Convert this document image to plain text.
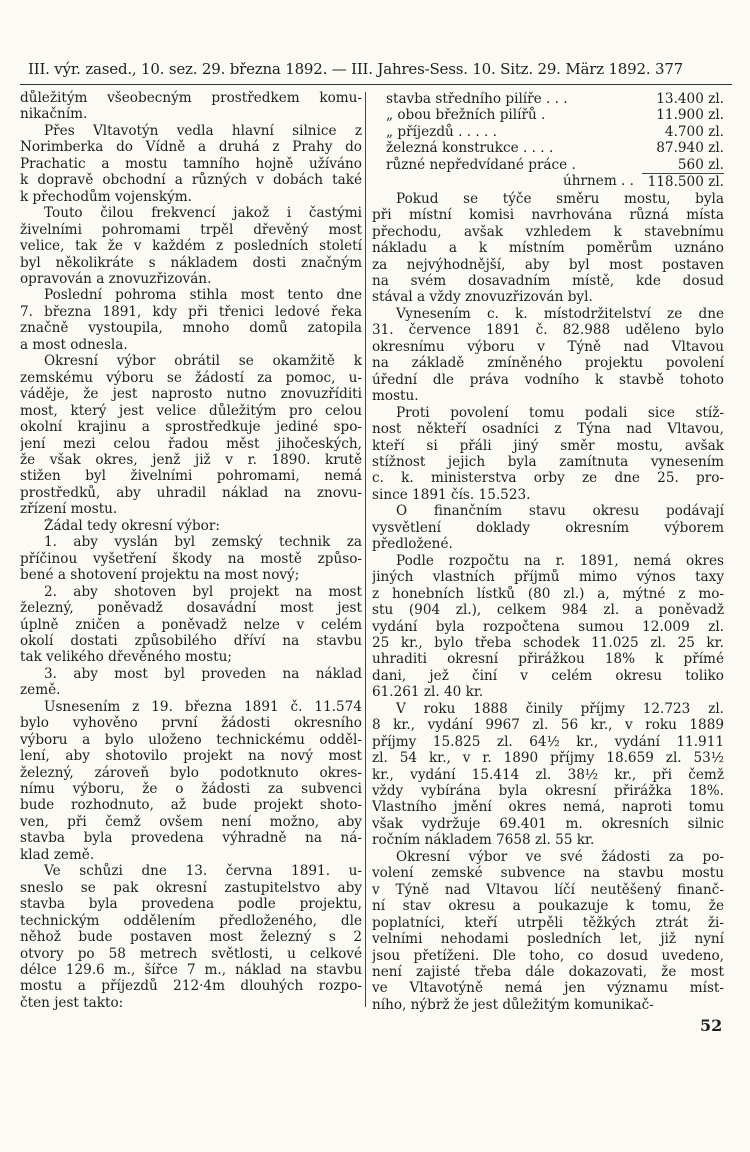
III. výr. zased., 10. sez. 29. března 1892. — III. Jahres-Sess. 10. Sitz. 29. März 1892. 377
důležitým všeobecným prostředkem komu-
nikačním.
Přes Vltavotýn vedla hlavní silnice z
Norimberka do Vídně a druhá z Prahy do
Prachatic a mostu tamního hojně užíváno
k dopravě obchodní a různých v dobách také
k přechodům vojenským.
Touto čilou frekvencí jakož i častými
živelními pohromami trpěl dřevěný most
velice, tak že v každém z posledních století
byl několikráte s nákladem dosti značným
opravován a znovuzřizován.
Poslední pohroma stihla most tento dne
7. března 1891, kdy při třenici ledové řeka
značně vystoupila, mnoho domů zatopila
a most odnesla.
Okresní výbor obrátil se okamžitě k
zemskému výboru se žádostí za pomoc, u-
váděje, že jest naprosto nutno znovuzříditi
most, který jest velice důležitým pro celou
okolní krajinu a sprostředkuje jediné spo-
jení mezi celou řadou měst jihočeských,
že však okres, jenž již v r. 1890. krutě
stižen byl živelními pohromami, nemá
prostředků, aby uhradil náklad na znovu-
zřízení mostu.
Žádal tedy okresní výbor:
1. aby vyslán byl zemský technik za
příčinou vyšetření škody na mostě způso-
bené a shotovení projektu na most nový;
2. aby shotoven byl projekt na most
železný, poněvadž dosavádní most jest
úplně zničen a poněvadž nelze v celém
okolí dostati způsobilého dříví na stavbu
tak velikého dřevěného mostu;
3. aby most byl proveden na náklad
země.
Usnesením z 19. března 1891 č. 11.574
bylo vyhověno první žádosti okresního
výboru a bylo uloženo technickému odděl-
lení, aby shotovilo projekt na nový most
železný, zároveň bylo podotknuto okres-
nímu výboru, že o žádosti za subvenci
bude rozhodnuto, až bude projekt shoto-
ven, při čemž ovšem není možno, aby
stavba byla provedena výhradně na ná-
klad země.
Ve schůzi dne 13. června 1891. u-
sneslo se pak okresní zastupitelstvo aby
stavba byla provedena podle projektu,
technickým oddělením předloženého, dle
něhož bude postaven most železný s 2
otvory po 58 metrech světlosti, u celkové
délce 129.6 m., šířce 7 m., náklad na stavbu
mostu a příjezdů 212·4m dlouhých rozpo-
čten jest takto:
stavba středního pilíře . . .	13.400 zl.
„ obou břežních pilířů .	11.900 zl.
„ příjezdů . . . . .	4.700 zl.
železná konstrukce . . . .	87.940 zl.
různé nepředvídané práce .	560 zl.
úhrnem . .	118.500 zl.
Pokud se týče směru mostu, byla
při místní komisi navrhována různá místa
přechodu, avšak vzhledem k stavebnímu
nákladu a k místním poměrům uznáno
za nejvýhodnější, aby byl most postaven
na svém dosavadním místě, kde dosud
stával a vždy znovuzřizován byl.
Vynesením c. k. místodržitelství ze dne
31. července 1891 č. 82.988 uděleno bylo
okresnímu výboru v Týně nad Vltavou
na základě zmíněného projektu povolení
úřední dle práva vodního k stavbě tohoto
mostu.
Proti povolení tomu podali sice stíž-
nost někteří osadníci z Týna nad Vltavou,
kteří si přáli jiný směr mostu, avšak
stížnost jejich byla zamítnuta vynesením
c. k. ministerstva orby ze dne 25. pro-
since 1891 čís. 15.523.
O finančním stavu okresu podávají
vysvětlení doklady okresním výborem
předložené.
Podle rozpočtu na r. 1891, nemá okres
jiných vlastních příjmů mimo výnos taxy
z honebních lístků (80 zl.) a, mýtné z mo-
stu (904 zl.), celkem 984 zl. a poněvadž
vydání byla rozpočtena sumou 12.009 zl.
25 kr., bylo třeba schodek 11.025 zl. 25 kr.
uhraditi okresní přirážkou 18% k přímé
dani, jež činí v celém okresu toliko
61.261 zl. 40 kr.
V roku 1888 činily příjmy 12.723 zl.
8 kr., vydání 9967 zl. 56 kr., v roku 1889
příjmy 15.825 zl. 64½ kr., vydání 11.911
zl. 54 kr., v r. 1890 příjmy 18.659 zl. 53½
kr., vydání 15.414 zl. 38½ kr., při čemž
vždy vybírána byla okresní přirážka 18%.
Vlastního jmění okres nemá, naproti tomu
však vydržuje 69.401 m. okresních silnic
ročním nákladem 7658 zl. 55 kr.
Okresní výbor ve své žádosti za po-
volení zemské subvence na stavbu mostu
v Týně nad Vltavou líčí neutěšený finanč-
ní stav okresu a poukazuje k tomu, že
poplatníci, kteří utrpěli těžkých ztrát ži-
velními nehodami posledních let, již nyní
jsou přetíženi. Dle toho, co dosud uvedeno,
není zajisté třeba dále dokazovati, že most
ve Vltavotýně nemá jen významu míst-
ního, nýbrž že jest důležitým komunikač-
52
